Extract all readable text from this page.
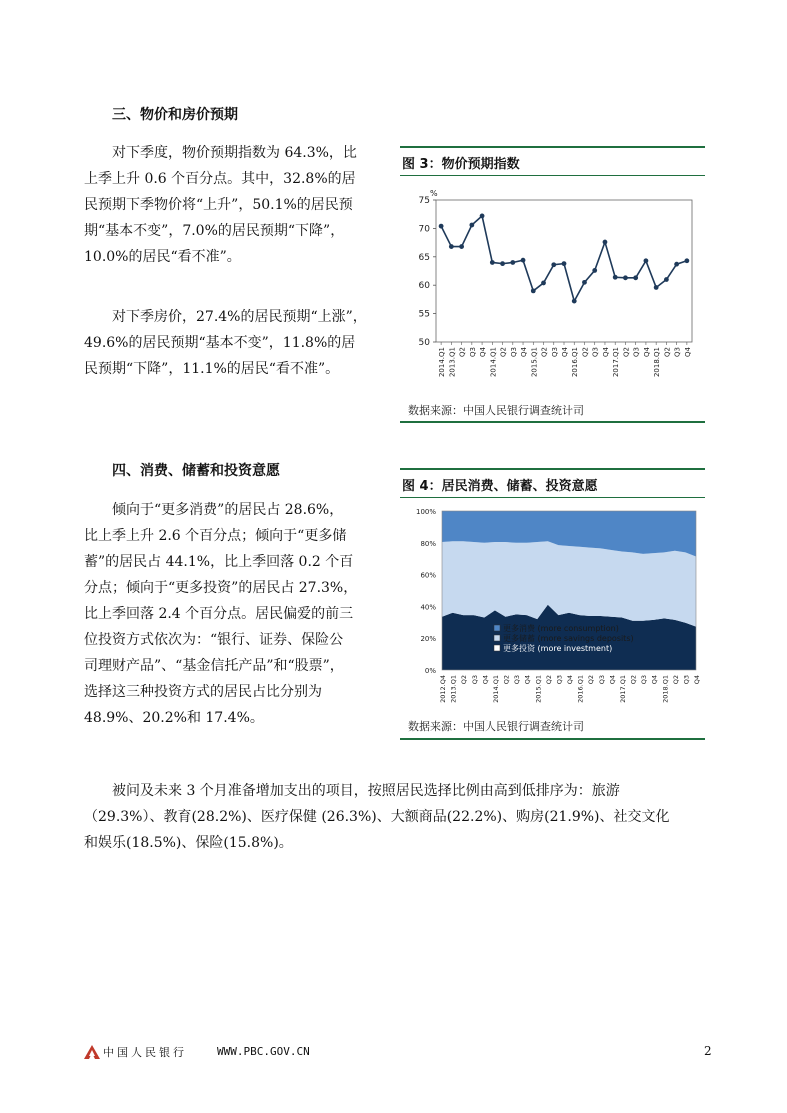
三、物价和房价预期

对下季度，物价预期指数为 64.3%，比

上季上升 0.6 个百分点。其中，32.8%的居

民预期下季物价将“上升”，50.1%的居民预

期“基本不变”，7.0%的居民预期“下降”，

10.0%的居民“看不准”。

对下季房价，27.4%的居民预期“上涨”，

49.6%的居民预期“基本不变”，11.8%的居

民预期“下降”，11.1%的居民“看不准”。

图 3：物价预期指数
%
50
55
60
65
70
75
2014.Q1 2013.Q1 Q2 Q3 Q4 2014.Q1 Q2 Q3 Q4 2015.Q1 Q2 Q3 Q4 2016.Q1 Q2 Q3 Q4 2017.Q1 Q2 Q3 Q4 2018.Q1 Q2 Q3 Q4
数据来源：中国人民银行调查统计司
四、消费、储蓄和投资意愿

倾向于“更多消费”的居民占 28.6%，

比上季上升 2.6 个百分点；倾向于“更多储

蓄”的居民占 44.1%，比上季回落 0.2 个百

分点；倾向于“更多投资”的居民占 27.3%，

比上季回落 2.4 个百分点。居民偏爱的前三

位投资方式依次为：“银行、证券、保险公

司理财产品”、“基金信托产品”和“股票”，

选择这三种投资方式的居民占比分别为

48.9%、20.2%和 17.4%。

图 4：居民消费、储蓄、投资意愿
0%
20%
40%
60%
80%
100%
2012.Q4 2013.Q1 Q2 Q3 Q4 2014.Q1 Q2 Q3 Q4 2015.Q1 Q2 Q3 Q4 2016.Q1 Q2 Q3 Q4 2017.Q1 Q2 Q3 Q4 2018.Q1 Q2 Q3 Q4
更多消费 (more consumption)
更多储蓄 (more savings deposits)
更多投资 (more investment)
数据来源：中国人民银行调查统计司

被问及未来 3 个月准备增加支出的项目，按照居民选择比例由高到低排序为：旅游

（29.3%）、教育(28.2%)、医疗保健 (26.3%)、大额商品(22.2%)、购房(21.9%)、社交文化

和娱乐(18.5%)、保险(15.8%)。

中国人民银行	WWW.PBC.GOV.CN	2
